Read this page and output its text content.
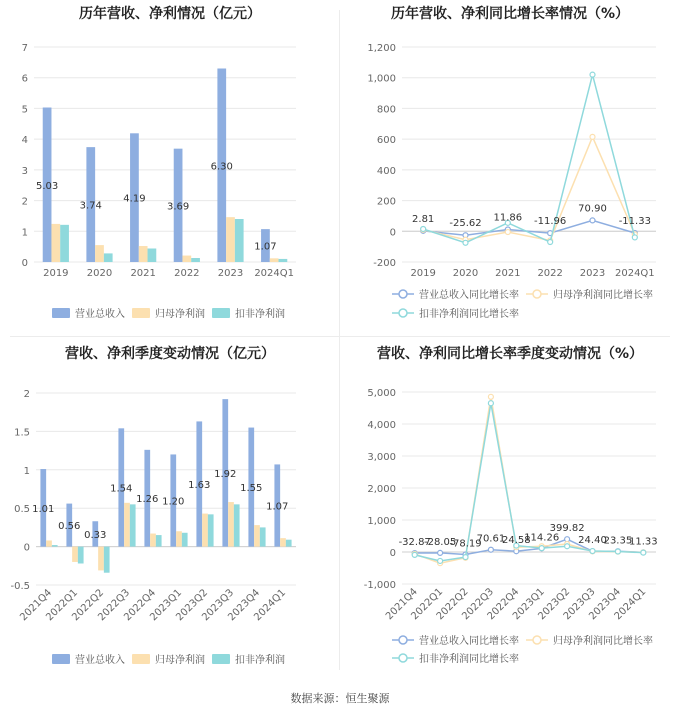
历年营收、净利情况（亿元）
0
1
2
3
4
5
6
7
2019 2020 2021 2022 2023 2024Q1
5.03
3.74
4.19
3.69
6.30
1.07
营业总收入	归母净利润	扣非净利润
历年营收、净利同比增长率情况（%）
-200
0
200
400
600
800
1,000
1,200
2019 2020 2021 2022 2023 2024Q1
2.81 -25.62
11.86 -11.96
70.90
-11.33
营业总收入同比增长率	归母净利润同比增长率
扣非净利润同比增长率
营收、净利季度变动情况（亿元）
-0.5
0
0.5
1
1.5
2
2021Q4
2022Q1
2022Q2
2022Q3
2022Q4
2023Q1
2023Q2
2023Q3
2023Q4
2024Q1
1.01
0.56
0.33
1.54
1.26 1.20
1.63
1.92
1.55
1.07
营业总收入	归母净利润	扣非净利润
营收、净利同比增长率季度变动情况（%）
-1,000
0
1,000
2,000
3,000
4,000
5,000
2021Q4
2022Q1
2022Q2
2022Q3
2022Q4
2023Q1
2023Q2
2023Q3
2023Q4
2024Q1
-32.87
-28.05
-78.19
70.61
24.58
114.26
399.82
24.40
23.35
11.33
营业总收入同比增长率	归母净利润同比增长率
扣非净利润同比增长率
数据来源：恒生聚源
